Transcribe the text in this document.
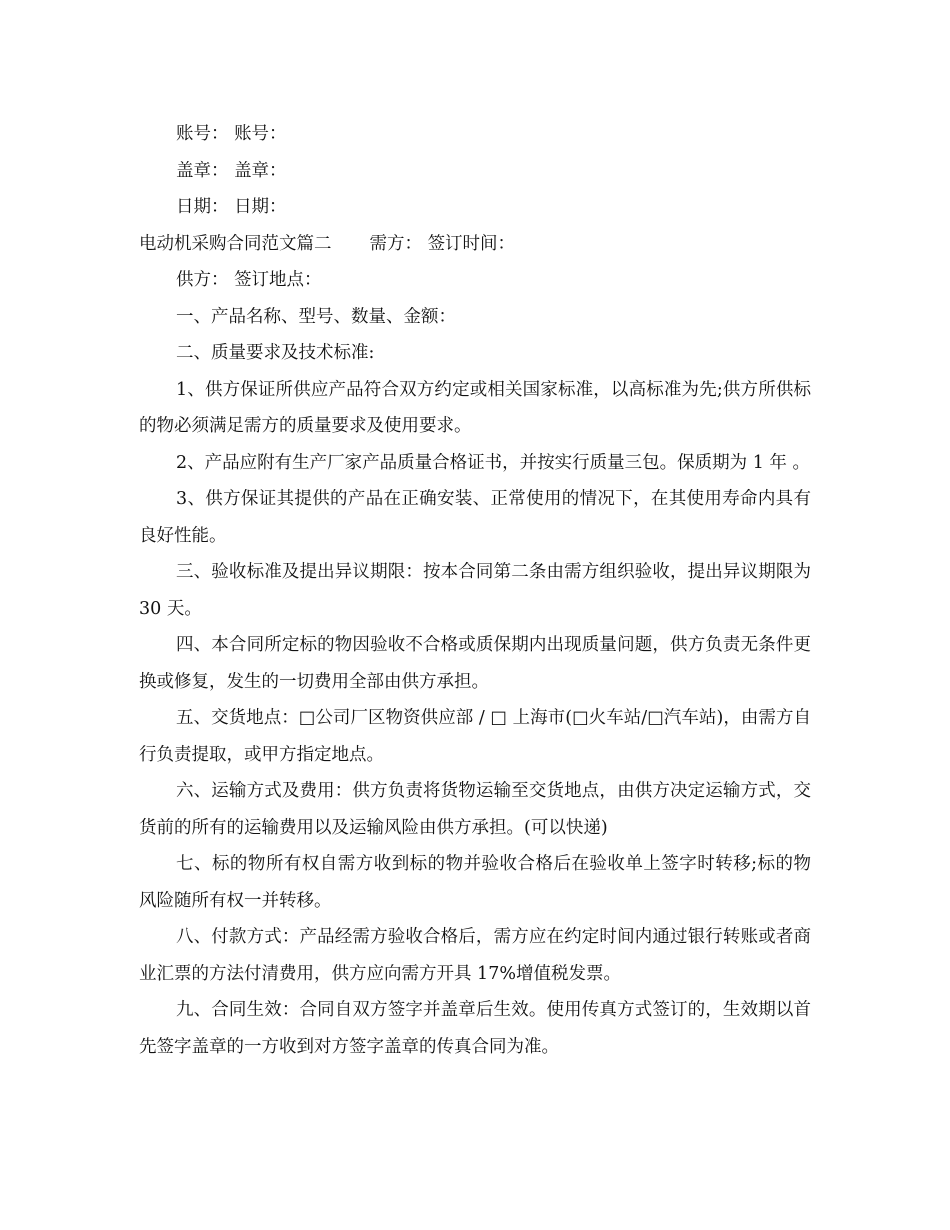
账号： 账号：

盖章： 盖章：

日期： 日期：

电动机采购合同范文篇二 需方： 签订时间：

供方： 签订地点：

一、产品名称、型号、数量、金额：

二、质量要求及技术标准:

1、供方保证所供应产品符合双方约定或相关国家标准，以高标准为先;供方所供标的物必须满足需方的质量要求及使用要求。

2、产品应附有生产厂家产品质量合格证书，并按实行质量三包。保质期为 1 年 。

3、供方保证其提供的产品在正确安装、正常使用的情况下，在其使用寿命内具有良好性能。

三、验收标准及提出异议期限：按本合同第二条由需方组织验收，提出异议期限为 30 天。

四、本合同所定标的物因验收不合格或质保期内出现质量问题，供方负责无条件更换或修复，发生的一切费用全部由供方承担。

五、交货地点：□公司厂区物资供应部 / □ 上海市(□火车站/□汽车站)，由需方自行负责提取，或甲方指定地点。

六、运输方式及费用：供方负责将货物运输至交货地点，由供方决定运输方式，交货前的所有的运输费用以及运输风险由供方承担。(可以快递)

七、标的物所有权自需方收到标的物并验收合格后在验收单上签字时转移;标的物风险随所有权一并转移。

八、付款方式：产品经需方验收合格后，需方应在约定时间内通过银行转账或者商业汇票的方法付清费用，供方应向需方开具 17%增值税发票。

九、合同生效：合同自双方签字并盖章后生效。使用传真方式签订的，生效期以首先签字盖章的一方收到对方签字盖章的传真合同为准。
